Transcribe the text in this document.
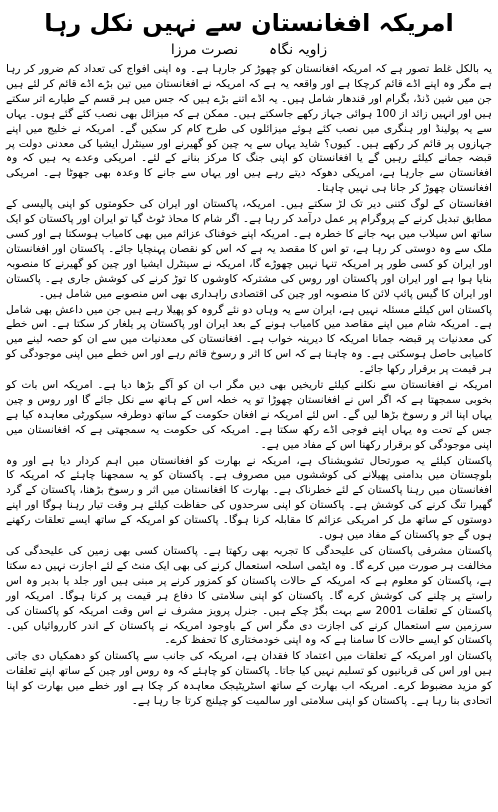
امریکہ افغانستان سے نہیں نکل رہا
زاویہ نگاہ  نصرت مرزا

یہ بالکل غلط تصور ہے کہ امریکہ افغانستان کو چھوڑ کر جارہا ہے۔ وہ اپنی افواج کی تعداد کم ضرور کر رہا ہے مگر وہ اپنے اڈے قائم کرچکا ہے اور واقعہ یہ ہے کہ امریکہ نے افغانستان میں تین بڑے اڈے قائم کر لئے ہیں جن میں شین ڈنڈ، بگرام اور قندھار شامل ہیں۔ یہ اڈے اتنے بڑے ہیں کہ جس میں ہر قسم کے طیارے اتر سکتے ہیں اور انہیں زائد از 100 ہوائی جہاز رکھے جاسکتے ہیں۔ ممکن ہے کہ میزائل بھی نصب کئے گئے ہوں۔ یہاں سے یہ پولینڈ اور ہنگری میں نصب کئے ہوئے میزائلوں کی طرح کام کر سکیں گے۔ امریکہ نے خلیج میں اپنے جہازوں پر قائم کر رکھے ہیں۔ کیوں؟ شاید یہاں سے یہ چین کو گھیرنے اور سینٹرل ایشیا کی معدنی دولت پر قبضہ جمانے کیلئے رہیں گے یا افغانستان کو اپنی جنگ کا مرکز بنانے کے لئے۔ امریکی وعدے یہ ہیں کہ وہ افغانستان سے جارہا ہے، امریکی دھوکہ دیتے رہے ہیں اور یہاں سے جانے کا وعدہ بھی جھوٹا ہے۔ امریکی افغانستان چھوڑ کر جانا ہی نہیں چاہتا۔

افغانستان کے لوگ کتنی دیر تک لڑ سکتے ہیں۔ امریکہ، پاکستان اور ایران کی حکومتوں کو اپنی پالیسی کے مطابق تبدیل کرنے کے پروگرام پر عمل درآمد کر رہا ہے۔ اگر شام کا محاذ ٹوٹ گیا تو ایران اور پاکستان کو ایک ساتھ اس سیلاب میں بہہ جانے کا خطرہ ہے۔ امریکہ اپنے خوفناک عزائم میں بھی کامیاب ہوسکتا ہے اور کسی ملک سے وہ دوستی کر رہا ہے، تو اس کا مقصد یہ ہے کہ اس کو نقصان پہنچایا جائے۔ پاکستان اور افغانستان اور ایران کو کسی طور پر امریکہ تنہا نہیں چھوڑے گا، امریکہ نے سینٹرل ایشیا اور چین کو گھیرنے کا منصوبہ بنایا ہوا ہے اور ایران اور پاکستان اور روس کی مشترکہ کاوشوں کا توڑ کرنے کی کوشش جاری ہے۔ پاکستان اور ایران کا گیس پائپ لائن کا منصوبہ اور چین کی اقتصادی راہداری بھی اس منصوبے میں شامل ہیں۔

پاکستان اس کیلئے مسئلہ نہیں ہے، ایران سے یہ وہاں دو نئے گروہ کو پھیلا رہے ہیں جن میں داعش بھی شامل ہے۔ امریکہ شام میں اپنے مقاصد میں کامیاب ہونے کے بعد ایران اور پاکستان پر یلغار کر سکتا ہے۔ اس خطے کی معدنیات پر قبضہ جمانا امریکہ کا دیرینہ خواب ہے۔ افغانستان کی معدنیات میں سے ان کو حصہ لینے میں کامیابی حاصل ہوسکتی ہے۔ وہ چاہتا ہے کہ اس کا اثر و رسوخ قائم رہے اور اس خطے میں اپنی موجودگی کو ہر قیمت پر برقرار رکھا جائے۔

امریکہ نے افغانستان سے نکلنے کیلئے تاریخیں بھی دیں مگر اب ان کو آگے بڑھا دیا ہے۔ امریکہ اس بات کو بخوبی سمجھتا ہے کہ اگر اس نے افغانستان چھوڑا تو یہ خطہ اس کے ہاتھ سے نکل جائے گا اور روس و چین یہاں اپنا اثر و رسوخ بڑھا لیں گے۔ اس لئے امریکہ نے افغان حکومت کے ساتھ دوطرفہ سیکورٹی معاہدہ کیا ہے جس کے تحت وہ یہاں اپنے فوجی اڈے رکھ سکتا ہے۔ امریکہ کی حکومت یہ سمجھتی ہے کہ افغانستان میں اپنی موجودگی کو برقرار رکھنا اس کے مفاد میں ہے۔

پاکستان کیلئے یہ صورتحال تشویشناک ہے، امریکہ نے بھارت کو افغانستان میں اہم کردار دیا ہے اور وہ بلوچستان میں بدامنی پھیلانے کی کوششوں میں مصروف ہے۔ پاکستان کو یہ سمجھنا چاہئے کہ امریکہ کا افغانستان میں رہنا پاکستان کے لئے خطرناک ہے۔ بھارت کا افغانستان میں اثر و رسوخ بڑھنا، پاکستان کے گرد گھیرا تنگ کرنے کی کوشش ہے۔ پاکستان کو اپنی سرحدوں کی حفاظت کیلئے ہر وقت تیار رہنا ہوگا اور اپنے دوستوں کے ساتھ مل کر امریکی عزائم کا مقابلہ کرنا ہوگا۔ پاکستان کو امریکہ کے ساتھ ایسے تعلقات رکھنے ہوں گے جو پاکستان کے مفاد میں ہوں۔

پاکستان مشرقی پاکستان کی علیحدگی کا تجربہ بھی رکھتا ہے۔ پاکستان کسی بھی زمین کی علیحدگی کی مخالفت ہر صورت میں کرے گا۔ وہ ایٹمی اسلحہ استعمال کرنے کی بھی ایک منٹ کے لئے اجازت نہیں دے سکتا ہے، پاکستان کو معلوم ہے کہ امریکہ کے حالات پاکستان کو کمزور کرنے پر مبنی ہیں اور جلد یا بدیر وہ اس راستے پر چلنے کی کوشش کرے گا۔ پاکستان کو اپنی سلامتی کا دفاع ہر قیمت پر کرنا ہوگا۔ امریکہ اور پاکستان کے تعلقات 2001 سے بہت بگڑ چکے ہیں۔ جنرل پرویز مشرف نے اس وقت امریکہ کو پاکستان کی سرزمین سے استعمال کرنے کی اجازت دی مگر اس کے باوجود امریکہ نے پاکستان کے اندر کارروائیاں کیں۔ پاکستان کو ایسے حالات کا سامنا ہے کہ وہ اپنی خودمختاری کا تحفظ کرے۔

پاکستان اور امریکہ کے تعلقات میں اعتماد کا فقدان ہے، امریکہ کی جانب سے پاکستان کو دھمکیاں دی جاتی ہیں اور اس کی قربانیوں کو تسلیم نہیں کیا جاتا۔ پاکستان کو چاہئے کہ وہ روس اور چین کے ساتھ اپنے تعلقات کو مزید مضبوط کرے۔ امریکہ اب بھارت کے ساتھ اسٹریٹیجک معاہدہ کر چکا ہے اور خطے میں بھارت کو اپنا اتحادی بنا رہا ہے۔ پاکستان کو اپنی سلامتی اور سالمیت کو چیلنج کرتا جا رہا ہے۔
